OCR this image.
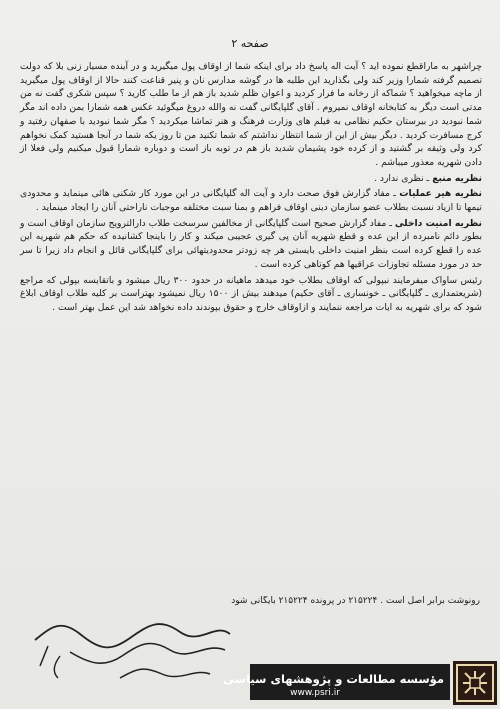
صفحه ۲

چراشهر به ماراقطع نموده اید ؟ آیت اله پاسخ داد برای اینکه شما از اوقاف پول میگیرید و در آینده مسیار زنی بلا که دولت تصمیم گرفته شمارا وزیر کند ولی بگذارید این طلبه ها در گوشه مدارس نان و پنیر قناعت کنند حالا از اوقاف پول میگیرید از ماچه میخواهید ؟ شماکه از رخانه ما فرار کردید و اعوان ظلم شدید باز هم از ما طلب کارید ؟ سپس شکری گفت نه من مدتی است دیگر به کتابخانه اوقاف نمیروم . آقای گلپایگانی گفت نه والله دروغ میگوئید عکس همه شمارا بمن داده اند مگر شما نبودید در بیرستان حکیم نظامی به فیلم های وزارت فرهنگ و هنر تماشا میکردید ؟ مگر شما نبودید با صفهان رفتید و کرج مسافرت کردید . دیگر بیش از این از شما انتظار نداشتم که شما تکنید من تا روز یکه شما در آنجا هستید کمک نخواهم کرد ولی وثیقه بر گشتید و از کرده خود پشیمان شدید باز هم در توبه باز است و دوباره شمارا قبول میکنیم ولی فعلا از دادن شهریه معذور میباشم .

نظریه منبع ـ نظری ندارد .

نظریه هیر عملیات ـ مفاد گزارش فوق صحت دارد و آیت اله گلپایگانی در این مورد کار شکنی هائی مینماید و محدودی تیمها تا ازیاد نسبت بطلاب عضو سازمان دینی اوقاف فراهم و بمنا سبت مختلفه موجبات ناراحتی آنان را ایجاد مینماید .

نظریه امنیت داخلی ـ مفاد گزارش صحیح است گلپایگانی از مخالفین سرسخت طلاب دارالترویج سازمان اوقاف است و بطور دائم نامبرده از این عده و قطع شهریه آنان پی گیری عجیبی میکند و کار را باینجا کشانیده که حکم هم شهریه این عده را قطع کرده است بنظر امنیت داخلی بایستی هر چه زودتر محدودیتهائی برای گلپایگانی قائل و انجام داد زیرا تا سر حد در مورد مسئله تجاوزات عراقیها هم کوتاهی کرده است .

رئیس ساواک میفرمایند نبپولی که اوقاف بطلاب خود میدهد ماهیانه در حدود ۳۰۰ ریال میشود و باتقایسه بپولی که مراجع (شریعتمداری ـ گلپایگانی ـ خونساری ـ آقای حکیم) میدهند بیش از ۱۵۰۰ ریال نمیشود بهتراست بر کلیه طلاب اوقاف ابلاغ شود که برای شهریه به ایات مراجعه ننمایند و ازاوقاف خارج و حقوق بپوندند داده نخواهد شد این عمل بهتر است .

رونوشت برابر اصل است . ۲۱۵۲۲۴ در پرونده ۲۱۵۲۲۴ بایگانی شود
مؤسسه مطالعات و پژوهشهای سیاسی
www.psri.ir
